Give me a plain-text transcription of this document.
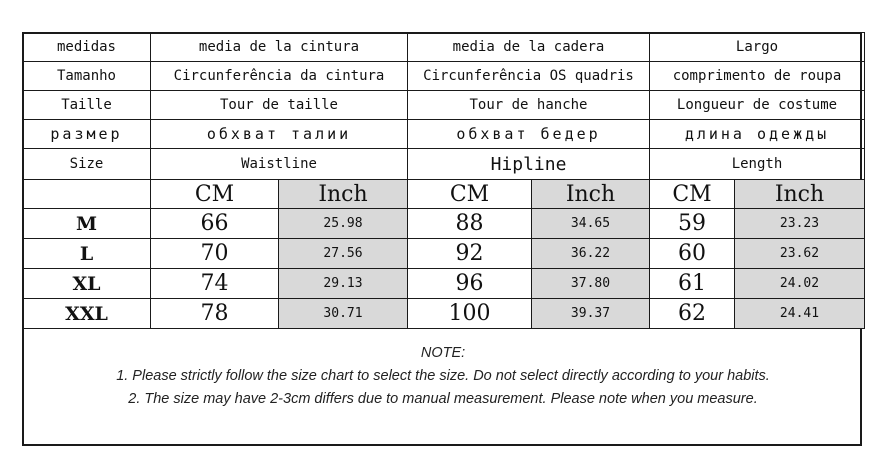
medidas	media de la cintura		media de la cadera		Largo	
Tamanho	Circunferência da cintura		Circunferência OS quadris		comprimento de roupa	
Taille	Tour de taille		Tour de hanche		Longueur de costume	
размер	обхват талии		обхват бедер		длина одежды	
Size	Waistline		Hipline		Length	
	CM	Inch	CM	Inch	CM	Inch
M	66	25.98	88	34.65	59	23.23
L	70	27.56	92	36.22	60	23.62
XL	74	29.13	96	37.80	61	24.02
XXL	78	30.71	100	39.37	62	24.41
NOTE:
1. Please strictly follow the size chart to select the size. Do not select directly according to your habits.
2. The size may have 2-3cm differs due to manual measurement. Please note when you measure.
